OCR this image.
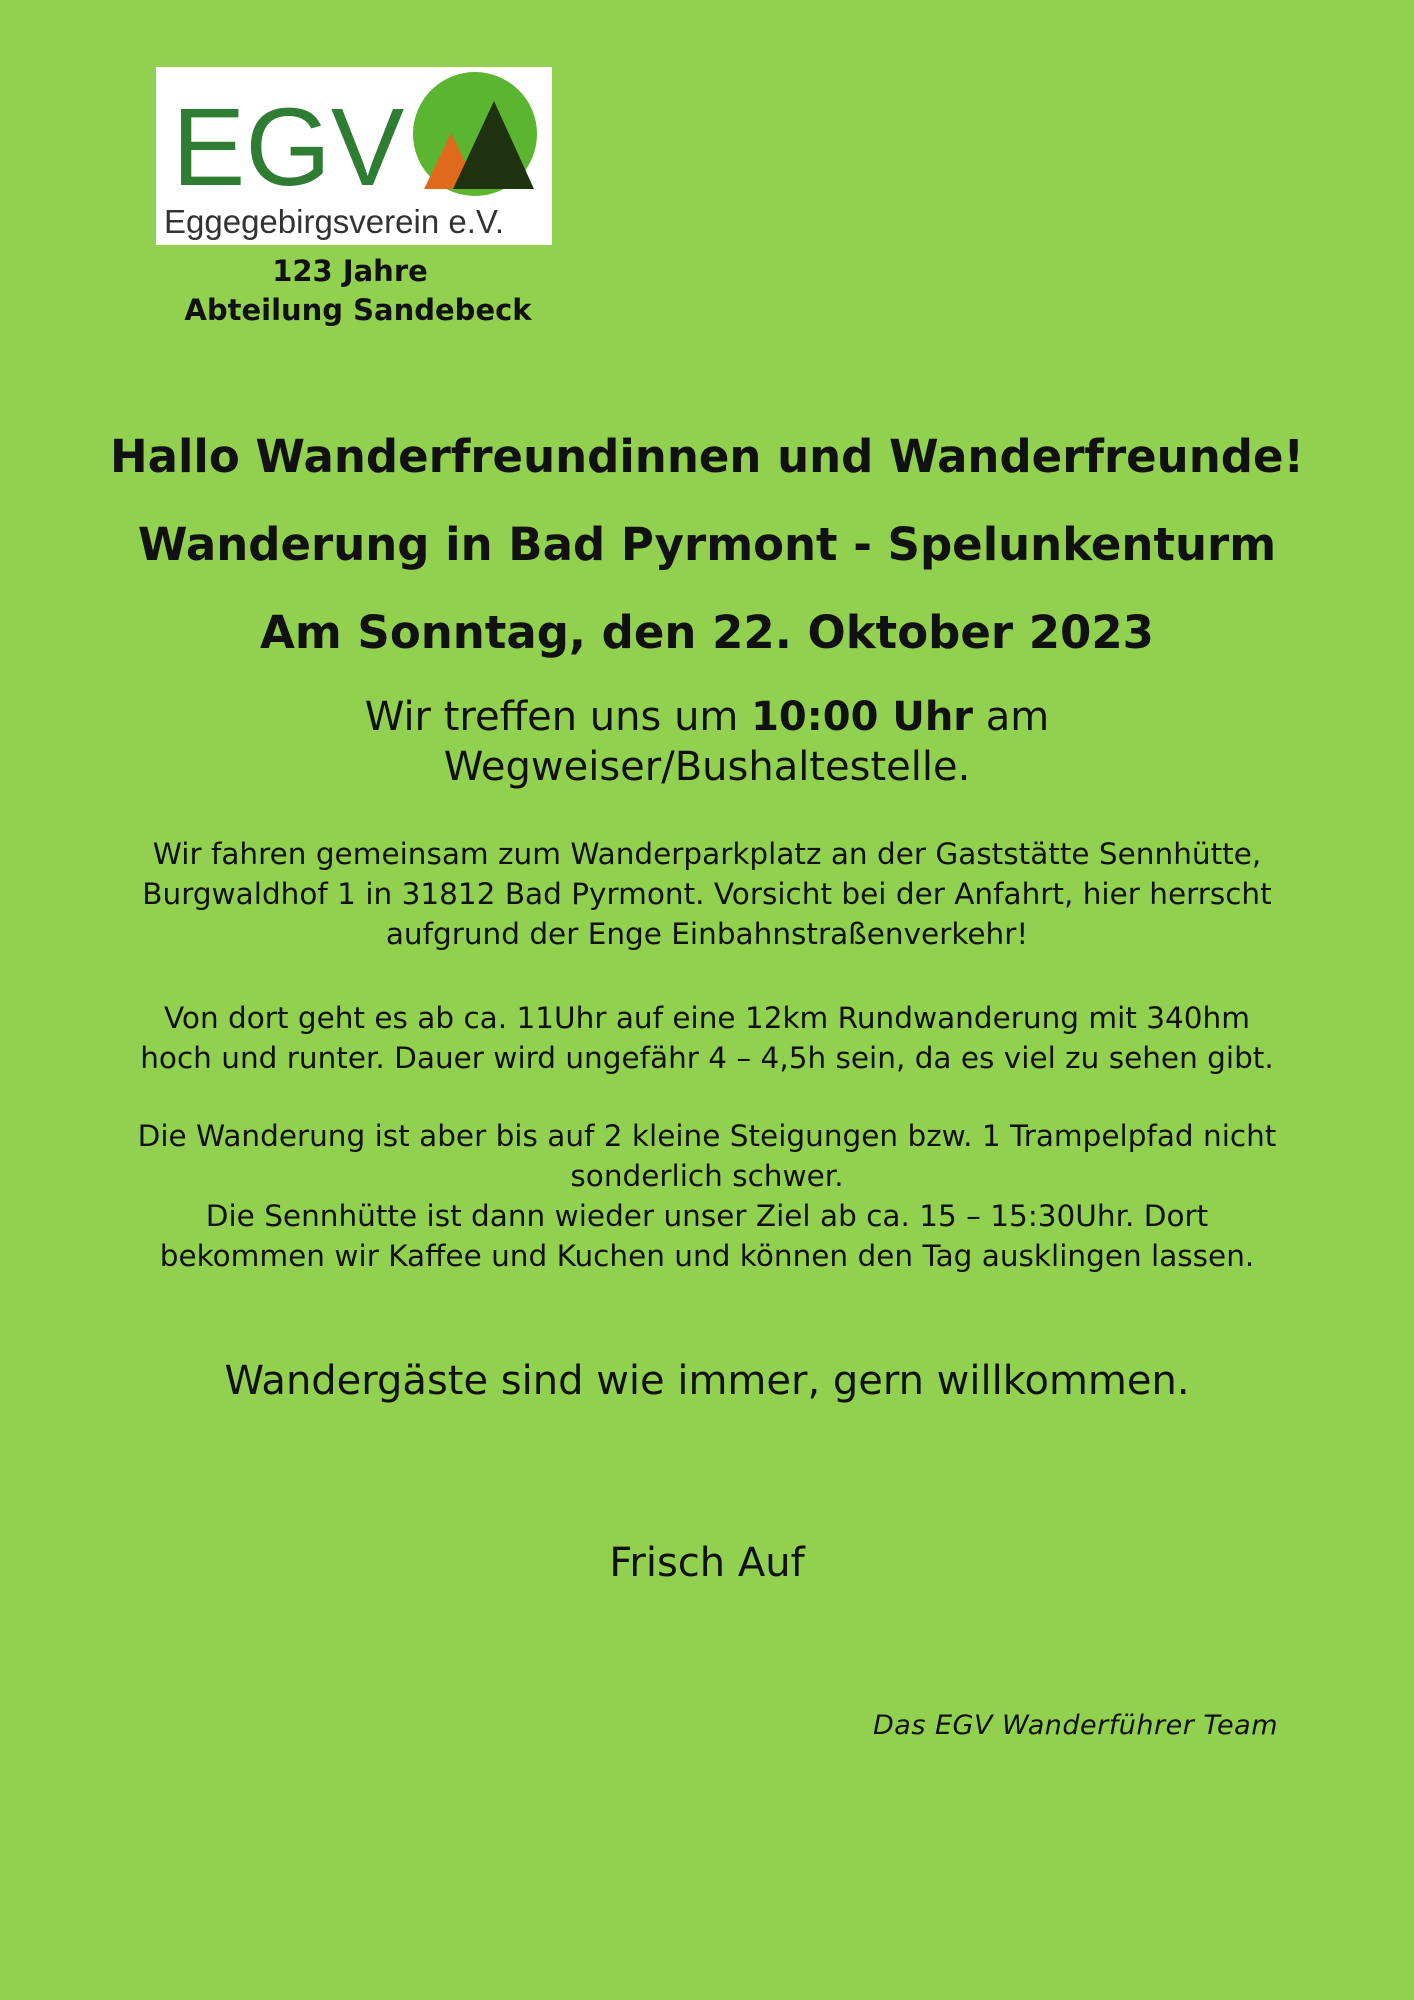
EGV
Eggegebirgsverein e.V.
123 Jahre
Abteilung Sandebeck
Hallo Wanderfreundinnen und Wanderfreunde!
Wanderung in Bad Pyrmont - Spelunkenturm
Am Sonntag, den 22. Oktober 2023
Wir treffen uns um 10:00 Uhr am
Wegweiser/Bushaltestelle.
Wir fahren gemeinsam zum Wanderparkplatz an der Gaststätte Sennhütte,
Burgwaldhof 1 in 31812 Bad Pyrmont. Vorsicht bei der Anfahrt, hier herrscht
aufgrund der Enge Einbahnstraßenverkehr!
Von dort geht es ab ca. 11Uhr auf eine 12km Rundwanderung mit 340hm
hoch und runter. Dauer wird ungefähr 4 – 4,5h sein, da es viel zu sehen gibt.
Die Wanderung ist aber bis auf 2 kleine Steigungen bzw. 1 Trampelpfad nicht
sonderlich schwer.
Die Sennhütte ist dann wieder unser Ziel ab ca. 15 – 15:30Uhr. Dort
bekommen wir Kaffee und Kuchen und können den Tag ausklingen lassen.
Wandergäste sind wie immer, gern willkommen.
Frisch Auf
Das EGV Wanderführer Team
